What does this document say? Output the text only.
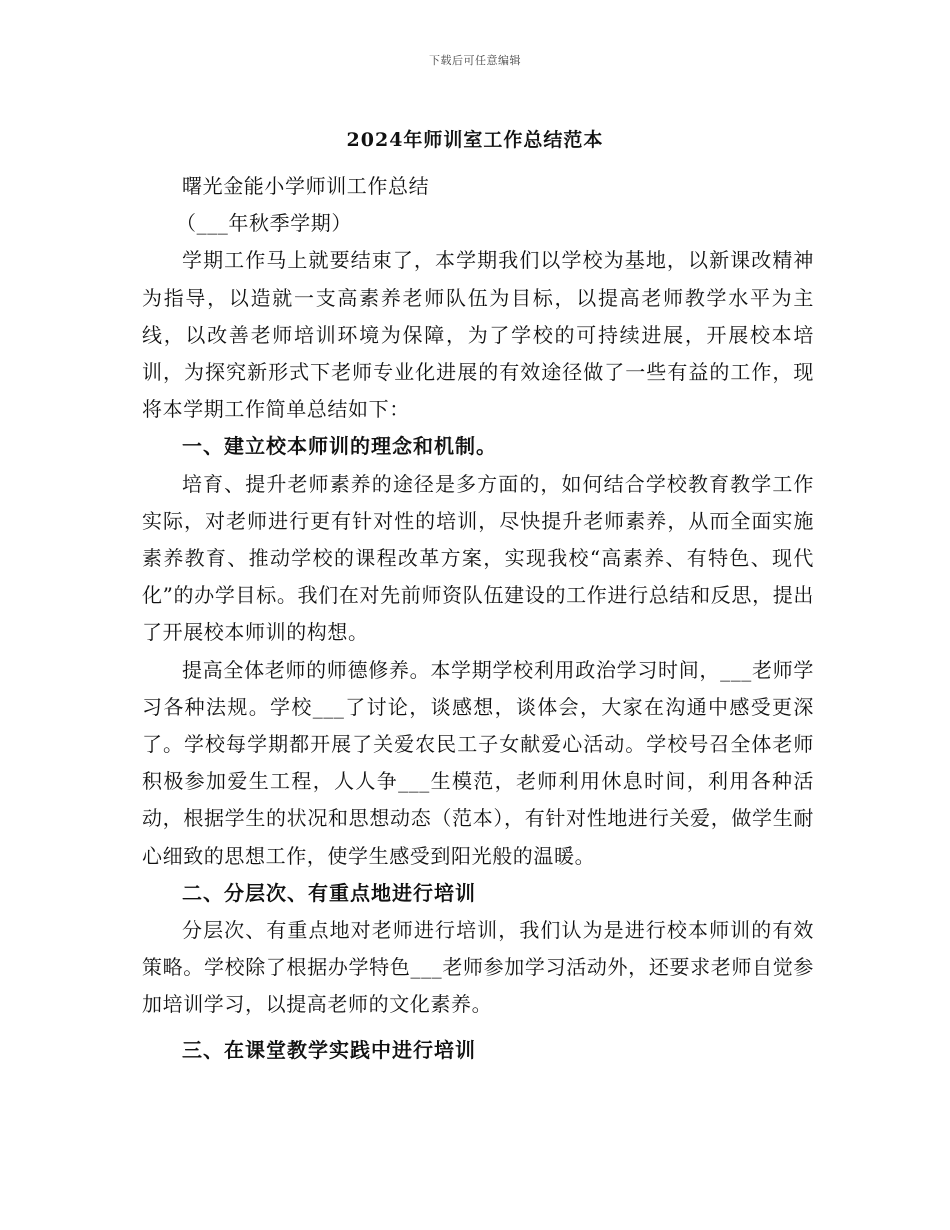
下载后可任意编辑
2024年师训室工作总结范本

曙光金能小学师训工作总结

（___年秋季学期）

学期工作马上就要结束了，本学期我们以学校为基地，以新课改精神为指导，以造就一支高素养老师队伍为目标，以提高老师教学水平为主线，以改善老师培训环境为保障，为了学校的可持续进展，开展校本培训，为探究新形式下老师专业化进展的有效途径做了一些有益的工作，现将本学期工作简单总结如下：

一、建立校本师训的理念和机制。

培育、提升老师素养的途径是多方面的，如何结合学校教育教学工作实际，对老师进行更有针对性的培训，尽快提升老师素养，从而全面实施素养教育、推动学校的课程改革方案，实现我校“高素养、有特色、现代化”的办学目标。我们在对先前师资队伍建设的工作进行总结和反思，提出了开展校本师训的构想。

提高全体老师的师德修养。本学期学校利用政治学习时间，___老师学习各种法规。学校___了讨论，谈感想，谈体会，大家在沟通中感受更深了。学校每学期都开展了关爱农民工子女献爱心活动。学校号召全体老师积极参加爱生工程，人人争___生模范，老师利用休息时间，利用各种活动，根据学生的状况和思想动态（范本），有针对性地进行关爱，做学生耐心细致的思想工作，使学生感受到阳光般的温暖。

二、分层次、有重点地进行培训

分层次、有重点地对老师进行培训，我们认为是进行校本师训的有效策略。学校除了根据办学特色___老师参加学习活动外，还要求老师自觉参加培训学习，以提高老师的文化素养。

三、在课堂教学实践中进行培训
